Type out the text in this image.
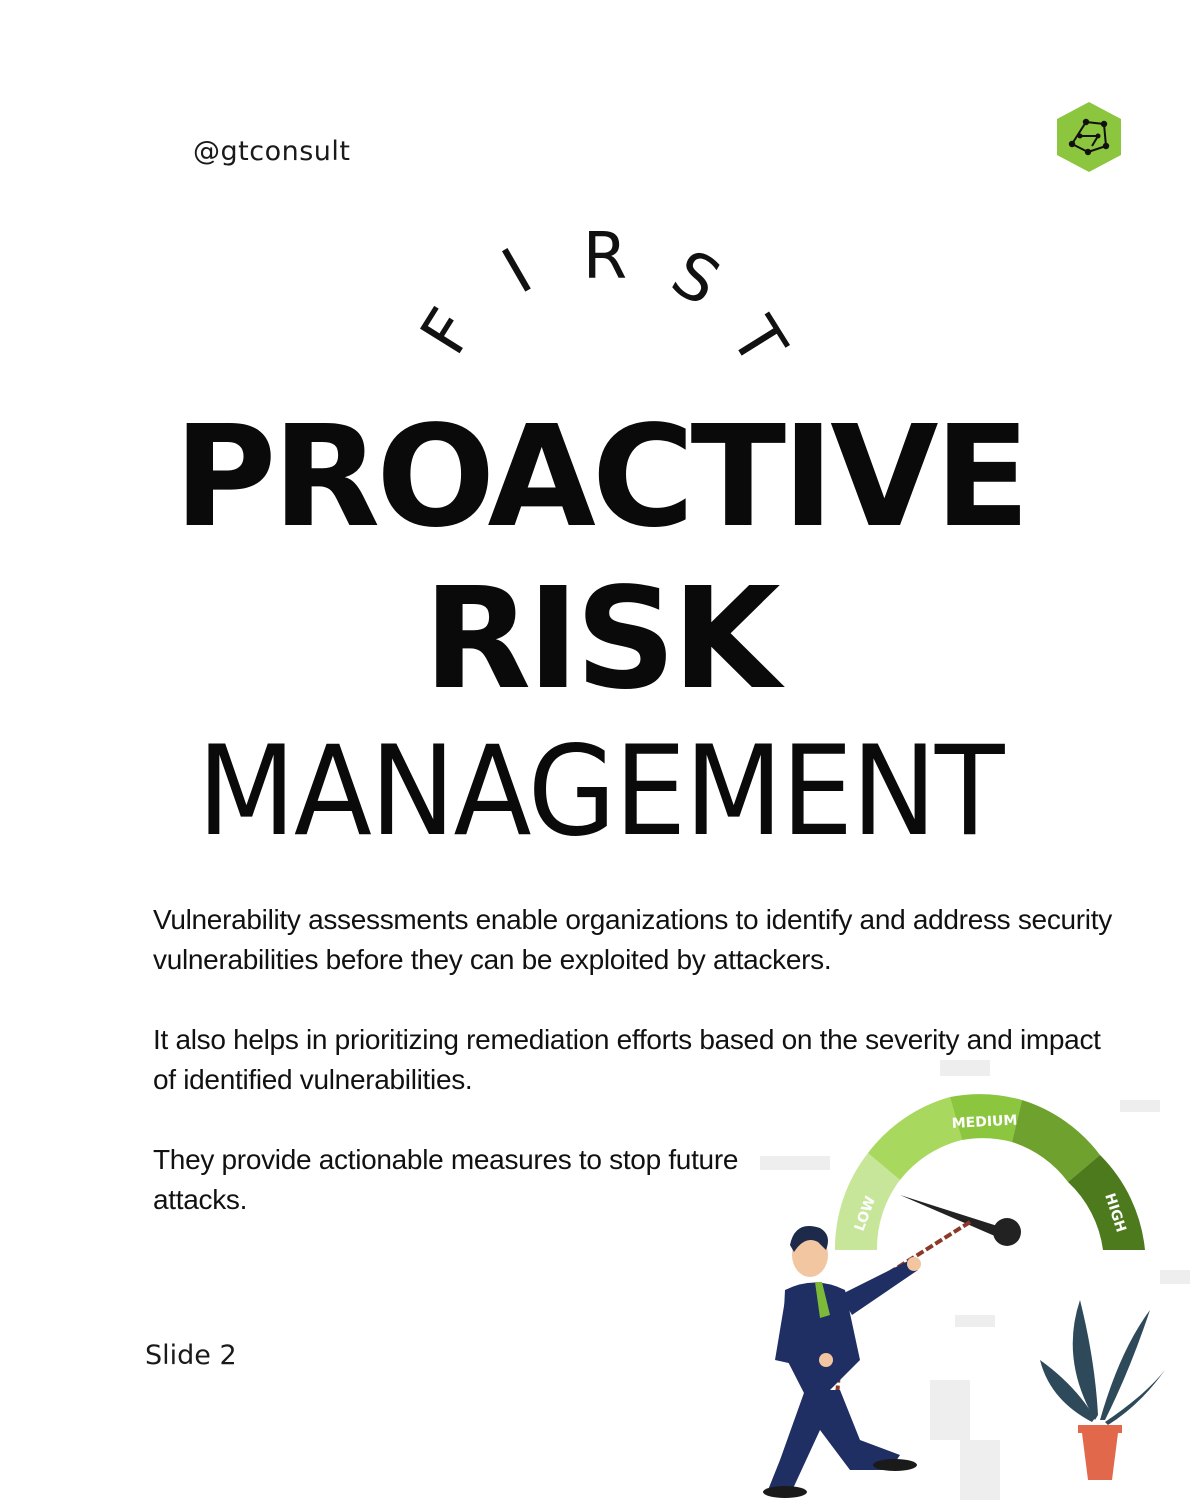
@gtconsult
F
I R S
T
PROACTIVE
RISK
MANAGEMENT
Vulnerability assessments enable organizations to identify and address security vulnerabilities before they can be exploited by attackers.
It also helps in prioritizing remediation efforts based on the severity and impact of identified vulnerabilities.
They provide actionable measures to stop future attacks.
Slide 2
LOW
MEDIUM
HIGH
